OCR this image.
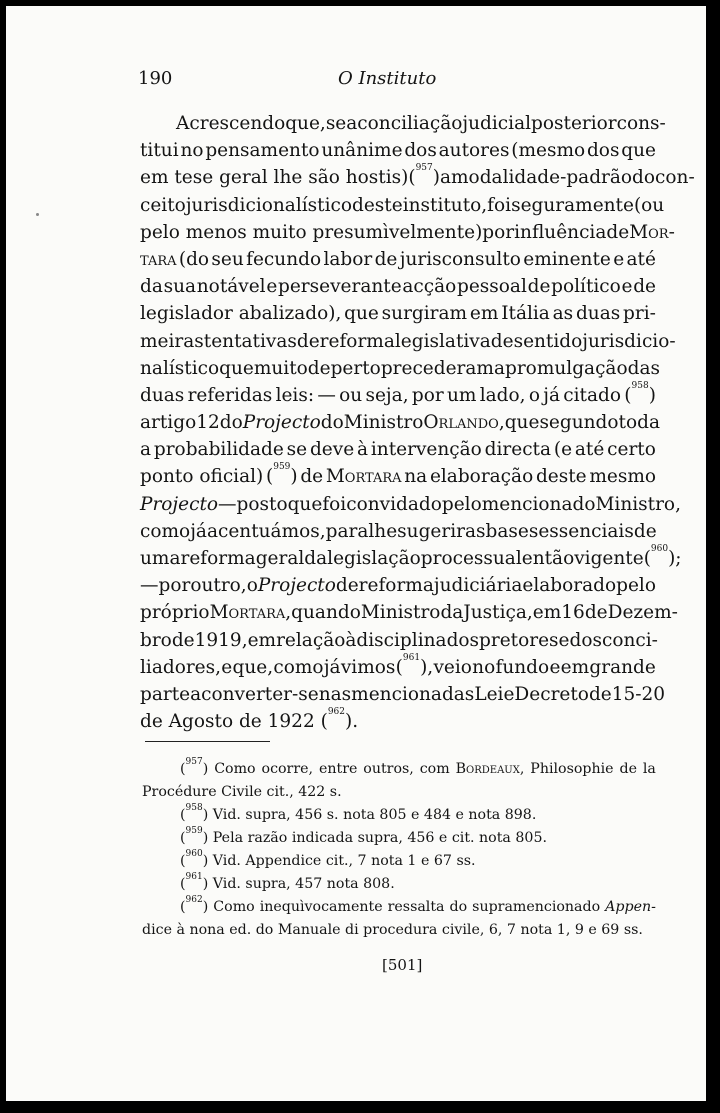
190	O Instituto
Acrescendo que, se a conciliação judicial posterior cons-
titui no pensamento unânime dos autores (mesmo dos que
em tese geral lhe são hostis) ($^{957}$) a modalidade-padrão do con-
ceito jurisdicionalístico deste instituto, foi seguramente (ou
pelo menos muito presumìvelmente) por influência de Mor-
tara (do seu fecundo labor de jurisconsulto eminente e até
da sua notável e perseverante acção pessoal de político e de
legislador abalizado), que surgiram em Itália as duas pri-
meiras tentativas de reforma legislativa de sentido jurisdicio-
nalístico que muito de perto precederam a promulgação das
duas referidas leis: — ou seja, por um lado, o já citado ($^{958}$)
artigo 12 do Projecto do Ministro Orlando, que segundo toda
a probabilidade se deve à intervenção directa (e até certo
ponto oficial) ($^{959}$) de Mortara na elaboração deste mesmo
Projecto — posto que foi convidado pelo mencionado Ministro,
como já acentuámos, para lhe sugerir as bases essenciais de
uma reforma geral da legislação processual então vigente ($^{960}$);
— por outro, o Projecto de reforma judiciária elaborado pelo
próprio Mortara, quando Ministro da Justiça, em 16 de Dezem-
bro de 1919, em relação à disciplina dos pretores e dos conci-
liadores, e que, como já vimos ($^{961}$), veio no fundo e em grande
parte a converter-se nas mencionadas Lei e Decreto de 15-20
de Agosto de 1922 ( 962 ).
($^{957}$) Como ocorre, entre outros, com Bordeaux, Philosophie de la
Procédure Civile cit., 422 s.
( 958 ) Vid. supra, 456 s. nota 805 e 484 e nota 898.
( 959 ) Pela razão indicada supra, 456 e cit. nota 805.
( 960 ) Vid. Appendice cit., 7 nota 1 e 67 ss.
( 961 ) Vid. supra, 457 nota 808.
($^{962}$) Como inequìvocamente ressalta do supramencionado Appen-
dice à nona ed. do Manuale di procedura civile, 6, 7 nota 1, 9 e 69 ss.
[501]
